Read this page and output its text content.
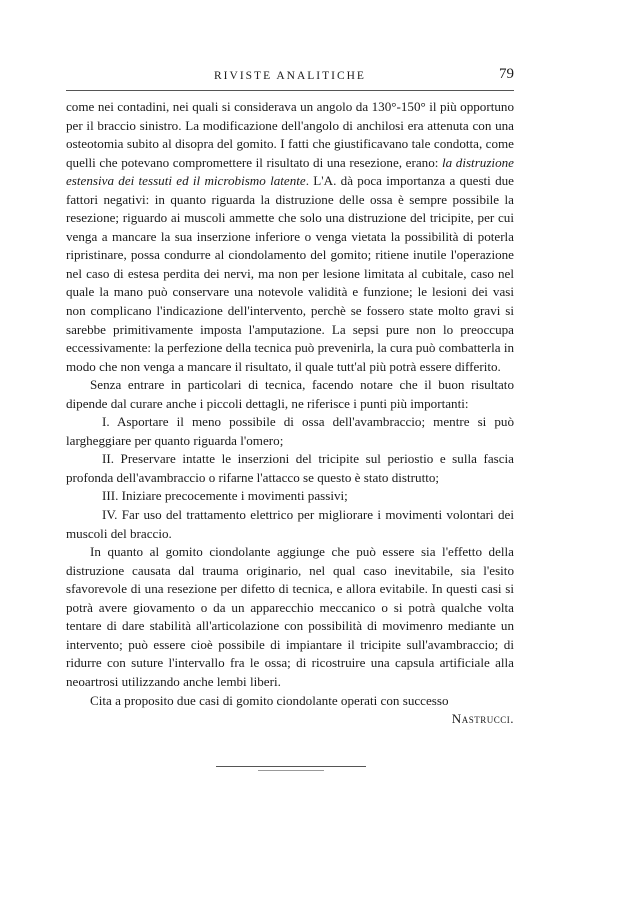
RIVISTE ANALITICHE	79

come nei contadini, nei quali si considerava un angolo da 130°-150° il più opportuno per il braccio sinistro. La modificazione dell'angolo di anchilosi era attenuta con una osteotomia subito al disopra del gomito. I fatti che giustificavano tale condotta, come quelli che potevano compromettere il risultato di una resezione, erano: la distruzione estensiva dei tessuti ed il microbismo latente. L'A. dà poca importanza a questi due fattori negativi: in quanto riguarda la distruzione delle ossa è sempre possibile la resezione; riguardo ai muscoli ammette che solo una distruzione del tricipite, per cui venga a mancare la sua inserzione inferiore o venga vietata la possibilità di poterla ripristinare, possa condurre al ciondolamento del gomito; ritiene inutile l'operazione nel caso di estesa perdita dei nervi, ma non per lesione limitata al cubitale, caso nel quale la mano può conservare una notevole validità e funzione; le lesioni dei vasi non complicano l'indicazione dell'intervento, perchè se fossero state molto gravi si sarebbe primitivamente imposta l'amputazione. La sepsi pure non lo preoccupa eccessivamente: la perfezione della tecnica può prevenirla, la cura può combatterla in modo che non venga a mancare il risultato, il quale tutt'al più potrà essere differito.

Senza entrare in particolari di tecnica, facendo notare che il buon risultato dipende dal curare anche i piccoli dettagli, ne riferisce i punti più importanti:

I. Asportare il meno possibile di ossa dell'avambraccio; mentre si può largheggiare per quanto riguarda l'omero;

II. Preservare intatte le inserzioni del tricipite sul periostio e sulla fascia profonda dell'avambraccio o rifarne l'attacco se questo è stato distrutto;

III. Iniziare precocemente i movimenti passivi;

IV. Far uso del trattamento elettrico per migliorare i movimenti volontari dei muscoli del braccio.

In quanto al gomito ciondolante aggiunge che può essere sia l'effetto della distruzione causata dal trauma originario, nel qual caso inevitabile, sia l'esito sfavorevole di una resezione per difetto di tecnica, e allora evitabile. In questi casi si potrà avere giovamento o da un apparecchio meccanico o si potrà qualche volta tentare di dare stabilità all'articolazione con possibilità di movimenro mediante un intervento; può essere cioè possibile di impiantare il tricipite sull'avambraccio; di ridurre con suture l'intervallo fra le ossa; di ricostruire una capsula artificiale alla neoartrosi utilizzando anche lembi liberi.

Cita a proposito due casi di gomito ciondolante operati con successo

Nastrucci.
